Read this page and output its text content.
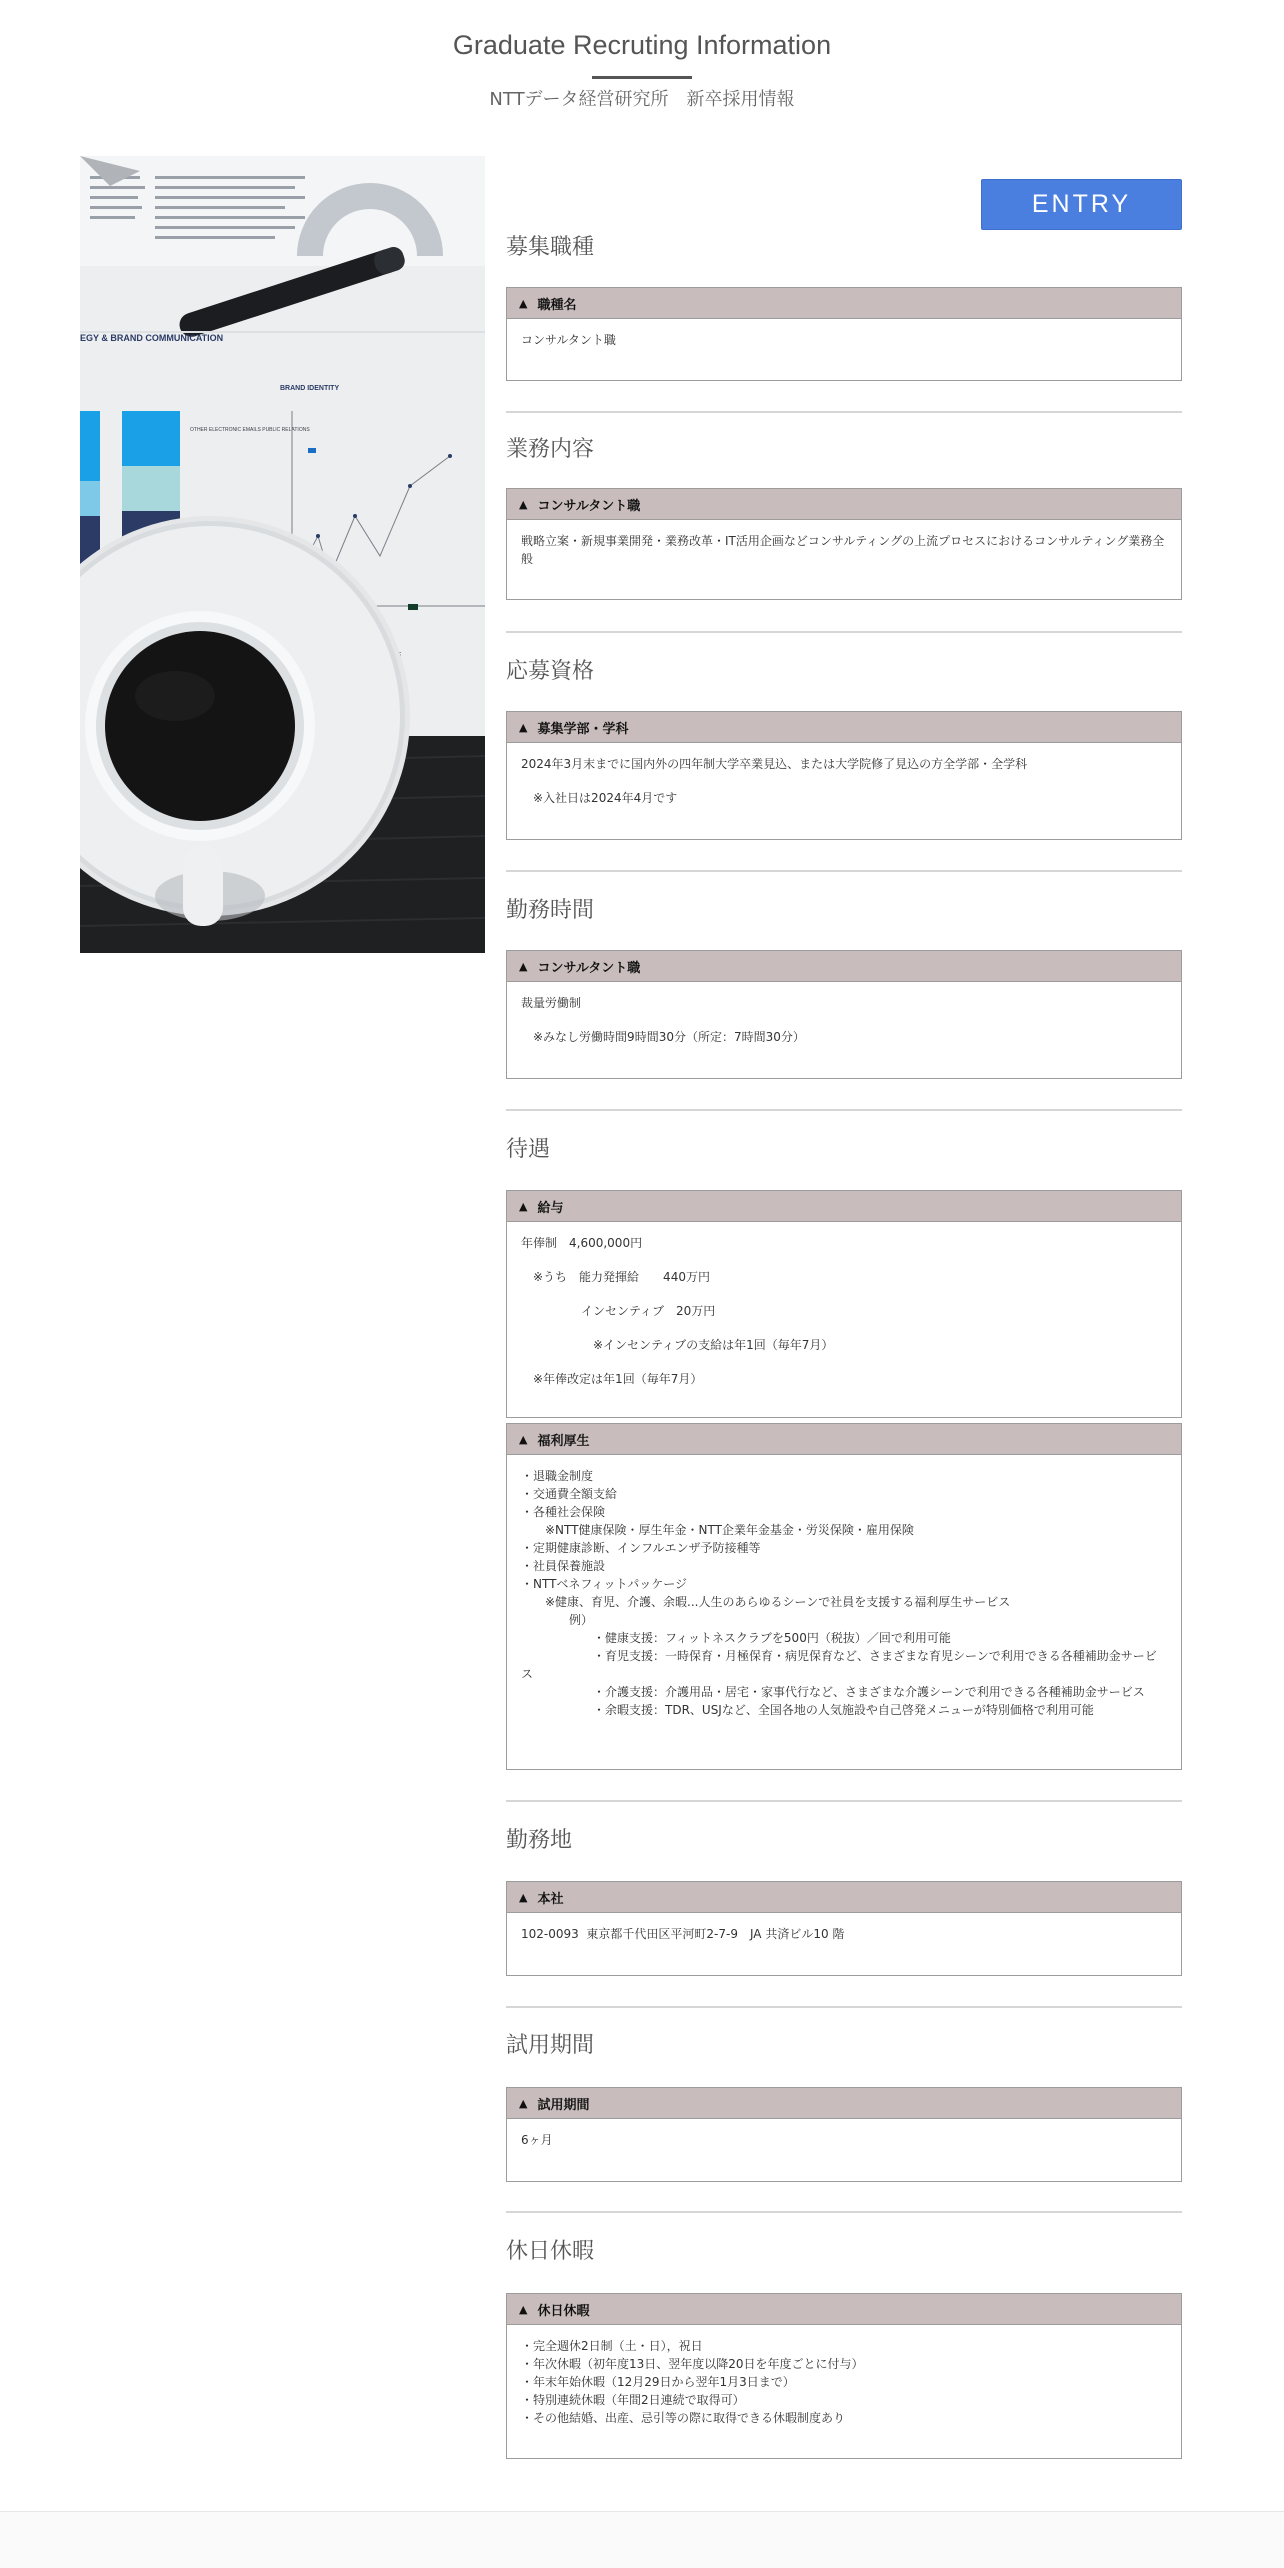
Graduate Recruting Information
NTTデータ経営研究所　新卒採用情報
EGY & BRAND COMMUNICATION
BRAND IDENTITY
OTHER ELECTRONIC EMAILS PUBLIC RELATIONS
ENTRY
募集職種
▲ 職種名

コンサルタント職

業務内容
▲ コンサルタント職

戦略立案・新規事業開発・業務改革・IT活用企画などコンサルティングの上流プロセスにおけるコンサルティング業務全般

応募資格
▲ 募集学部・学科

2024年3月末までに国内外の四年制大学卒業見込、または大学院修了見込の方全学部・全学科

　※入社日は2024年4月です

勤務時間
▲ コンサルタント職

裁量労働制

　※みなし労働時間9時間30分（所定：7時間30分）

待遇
▲ 給与

年俸制　4,600,000円

　※うち　能力発揮給　　440万円

　　　　　インセンティブ　20万円

　　　　　　※インセンティブの支給は年1回（毎年7月）

　※年俸改定は年1回（毎年7月）

▲ 福利厚生
・退職金制度
・交通費全額支給
・各種社会保険
　　※NTT健康保険・厚生年金・NTT企業年金基金・労災保険・雇用保険
・定期健康診断、インフルエンザ予防接種等
・社員保養施設
・NTTベネフィットパッケージ
　　※健康、育児、介護、余暇...人生のあらゆるシーンで社員を支援する福利厚生サービス
　　　　例）
　　　　　　・健康支援：フィットネスクラブを500円（税抜）／回で利用可能
　　　　　　・育児支援：一時保育・月極保育・病児保育など、さまざまな育児シーンで利用できる各種補助金サービス
　　　　　　・介護支援：介護用品・居宅・家事代行など、さまざまな介護シーンで利用できる各種補助金サービス
　　　　　　・余暇支援：TDR、USJなど、全国各地の人気施設や自己啓発メニューが特別価格で利用可能
勤務地
▲ 本社

102-0093  東京都千代田区平河町2-7-9　JA 共済ビル10 階

試用期間
▲ 試用期間

6ヶ月

休日休暇
▲ 休日休暇
・完全週休2日制（土・日），祝日
・年次休暇（初年度13日、翌年度以降20日を年度ごとに付与）
・年末年始休暇（12月29日から翌年1月3日まで）
・特別連続休暇（年間2日連続で取得可）
・その他結婚、出産、忌引等の際に取得できる休暇制度あり
